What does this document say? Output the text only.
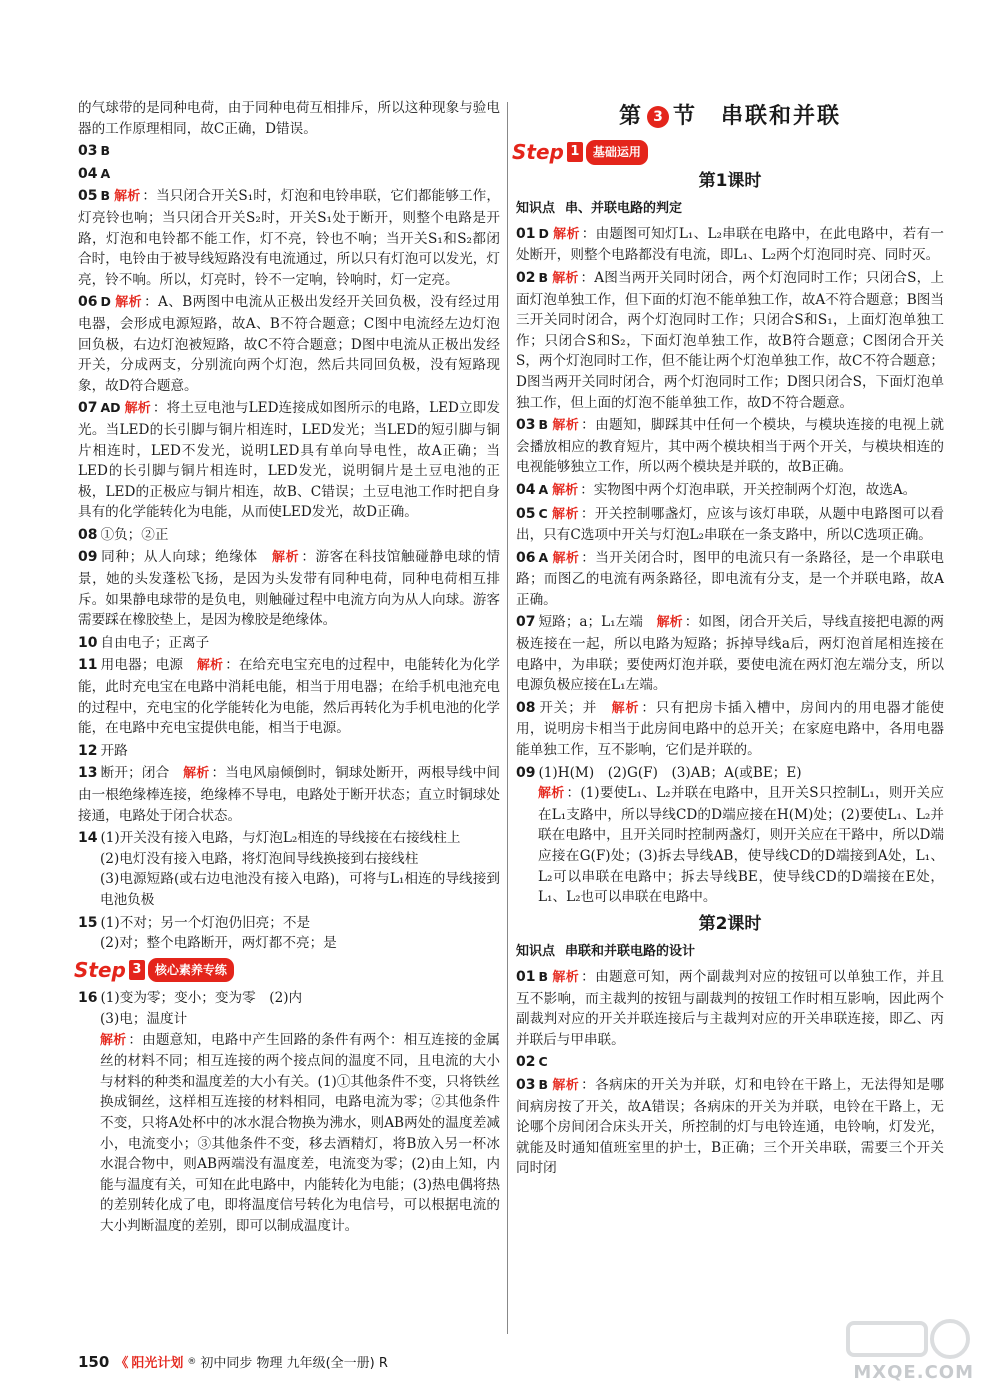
的气球带的是同种电荷，由于同种电荷互相排斥，所以这种现象与验电器的工作原理相同，故C正确，D错误。
03 B
04 A
05 B 解析 ：当只闭合开关S₁时，灯泡和电铃串联，它们都能够工作，灯亮铃也响；当只闭合开关S₂时，开关S₁处于断开，则整个电路是开路，灯泡和电铃都不能工作，灯不亮，铃也不响；当开关S₁和S₂都闭合时，电铃由于被导线短路没有电流通过，所以只有灯泡可以发光，灯亮，铃不响。所以，灯亮时，铃不一定响，铃响时，灯一定亮。
06 D 解析 ：A、B两图中电流从正极出发经开关回负极，没有经过用电器，会形成电源短路，故A、B不符合题意；C图中电流经左边灯泡回负极，右边灯泡被短路，故C不符合题意；D图中电流从正极出发经开关，分成两支，分别流向两个灯泡，然后共同回负极，没有短路现象，故D符合题意。
07 AD 解析 ：将土豆电池与LED连接成如图所示的电路，LED立即发光。当LED的长引脚与铜片相连时，LED发光；当LED的短引脚与铜片相连时，LED不发光，说明LED具有单向导电性，故A正确；当LED的长引脚与铜片相连时，LED发光，说明铜片是土豆电池的正极，LED的正极应与铜片相连，故B、C错误；土豆电池工作时把自身具有的化学能转化为电能，从而使LED发光，故D正确。
08 ①负；②正
09 同种；从人向球；绝缘体　 解析 ：游客在科技馆触碰静电球的情景，她的头发蓬松飞扬，是因为头发带有同种电荷，同种电荷相互排斥。如果静电球带的是负电，则触碰过程中电流方向为从人向球。游客需要踩在橡胶垫上，是因为橡胶是绝缘体。
10 自由电子；正离子
11 用电器；电源　 解析 ：在给充电宝充电的过程中，电能转化为化学能，此时充电宝在电路中消耗电能，相当于用电器；在给手机电池充电的过程中，充电宝的化学能转化为电能，然后再转化为手机电池的化学能，在电路中充电宝提供电能，相当于电源。
12 开路
13 断开；闭合　 解析 ：当电风扇倾倒时，铜球处断开，两根导线中间由一根绝缘棒连接，绝缘棒不导电，电路处于断开状态；直立时铜球处接通，电路处于闭合状态。
14 (1)开关没有接入电路，与灯泡L₂相连的导线接在右接线柱上
(2)电灯没有接入电路，将灯泡间导线换接到右接线柱
(3)电源短路(或右边电池没有接入电路)，可将与L₁相连的导线接到电池负极
15 (1)不对；另一个灯泡仍旧亮；不是
(2)对；整个电路断开，两灯都不亮；是
Step 3	核心素养专练
16 (1)变为零；变小；变为零　(2)内
(3)电；温度计
解析 ：由题意知，电路中产生回路的条件有两个：相互连接的金属丝的材料不同；相互连接的两个接点间的温度不同，且电流的大小与材料的种类和温度差的大小有关。(1)①其他条件不变，只将铁丝换成铜丝，这样相互连接的材料相同，电路电流为零；②其他条件不变，只将A处杯中的冰水混合物换为沸水，则AB两处的温度差减小，电流变小；③其他条件不变，移去酒精灯，将B放入另一杯冰水混合物中，则AB两端没有温度差，电流变为零；(2)由上知，内能与温度有关，可知在此电路中，内能转化为电能；(3)热电偶将热的差别转化成了电，即将温度信号转化为电信号，可以根据电流的大小判断温度的差别，即可以制成温度计。
第 3 节　 串联和并联
Step 1	基础运用
第1课时
知识点 串、并联电路的判定
01 D 解析 ：由题图可知灯L₁、L₂串联在电路中，在此电路中，若有一处断开，则整个电路都没有电流，即L₁、L₂两个灯泡同时亮、同时灭。
02 B 解析 ：A图当两开关同时闭合，两个灯泡同时工作；只闭合S，上面灯泡单独工作，但下面的灯泡不能单独工作，故A不符合题意；B图当三开关同时闭合，两个灯泡同时工作；只闭合S和S₁，上面灯泡单独工作；只闭合S和S₂，下面灯泡单独工作，故B符合题意；C图闭合开关S，两个灯泡同时工作，但不能让两个灯泡单独工作，故C不符合题意；D图当两开关同时闭合，两个灯泡同时工作；D图只闭合S，下面灯泡单独工作，但上面的灯泡不能单独工作，故D不符合题意。
03 B 解析 ：由题知，脚踩其中任何一个模块，与模块连接的电视上就会播放相应的教育短片，其中两个模块相当于两个开关，与模块相连的电视能够独立工作，所以两个模块是并联的，故B正确。
04 A 解析 ：实物图中两个灯泡串联，开关控制两个灯泡，故选A。
05 C 解析 ：开关控制哪盏灯，应该与该灯串联，从题中电路图可以看出，只有C选项中开关与灯泡L₂串联在一条支路中，所以C选项正确。
06 A 解析 ：当开关闭合时，图甲的电流只有一条路径，是一个串联电路；而图乙的电流有两条路径，即电流有分支，是一个并联电路，故A正确。
07 短路；a；L₁左端　 解析 ：如图，闭合开关后，导线直接把电源的两极连接在一起，所以电路为短路；拆掉导线a后，两灯泡首尾相连接在电路中，为串联；要使两灯泡并联，要使电流在两灯泡左端分支，所以电源负极应接在L₁左端。
08 开关；并　 解析 ：只有把房卡插入槽中，房间内的用电器才能使用，说明房卡相当于此房间电路中的总开关；在家庭电路中，各用电器能单独工作，互不影响，它们是并联的。
09 (1)H(M)　(2)G(F)　(3)AB；A(或BE；E)
解析 ：(1)要使L₁、L₂并联在电路中，且开关S只控制L₁，则开关应在L₁支路中，所以导线CD的D端应接在H(M)处；(2)要使L₁、L₂并联在电路中，且开关同时控制两盏灯，则开关应在干路中，所以D端应接在G(F)处；(3)拆去导线AB，使导线CD的D端接到A处，L₁、L₂可以串联在电路中；拆去导线BE，使导线CD的D端接在E处，L₁、L₂也可以串联在电路中。
第2课时
知识点 串联和并联电路的设计
01 B 解析 ：由题意可知，两个副裁判对应的按钮可以单独工作，并且互不影响，而主裁判的按钮与副裁判的按钮工作时相互影响，因此两个副裁判对应的开关并联连接后与主裁判对应的开关串联连接，即乙、丙并联后与甲串联。
02 C
03 B 解析 ：各病床的开关为并联，灯和电铃在干路上，无法得知是哪间病房按了开关，故A错误；各病床的开关为并联，电铃在干路上，无论哪个房间闭合床头开关，所控制的灯与电铃连通，电铃响，灯发光，就能及时通知值班室里的护士，B正确；三个开关串联，需要三个开关同时闭
150 《 阳光计划 ® 初中同步 物理 九年级(全一册) R	MXQE.COM
